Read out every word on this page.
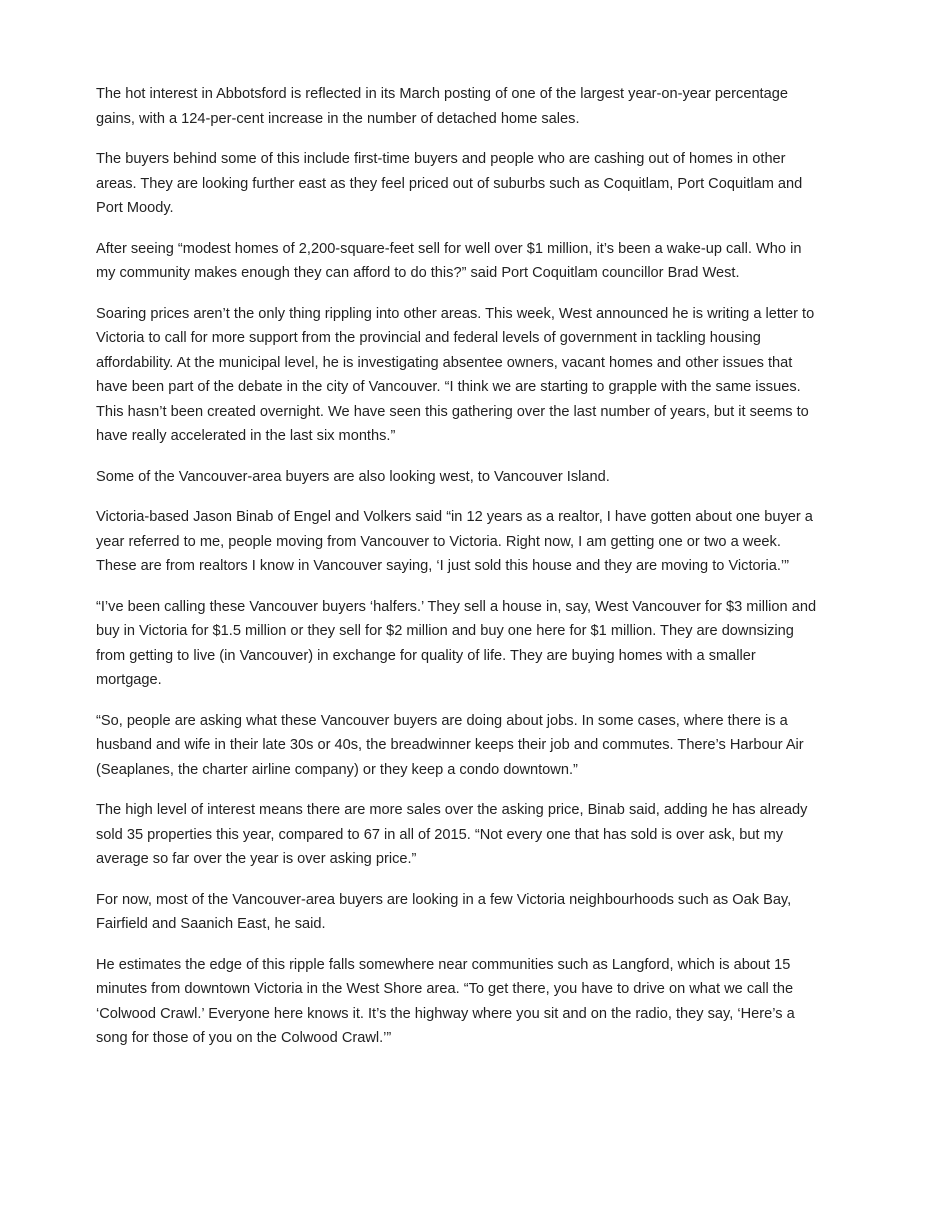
The hot interest in Abbotsford is reflected in its March posting of one of the largest year-on-year percentage gains, with a 124-per-cent increase in the number of detached home sales.

The buyers behind some of this include first-time buyers and people who are cashing out of homes in other areas. They are looking further east as they feel priced out of suburbs such as Coquitlam, Port Coquitlam and Port Moody.

After seeing “modest homes of 2,200-square-feet sell for well over $1 million, it’s been a wake-up call. Who in my community makes enough they can afford to do this?” said Port Coquitlam councillor Brad West.

Soaring prices aren’t the only thing rippling into other areas. This week, West announced he is writing a letter to Victoria to call for more support from the provincial and federal levels of government in tackling housing affordability. At the municipal level, he is investigating absentee owners, vacant homes and other issues that have been part of the debate in the city of Vancouver. “I think we are starting to grapple with the same issues. This hasn’t been created overnight. We have seen this gathering over the last number of years, but it seems to have really accelerated in the last six months.”

Some of the Vancouver-area buyers are also looking west, to Vancouver Island.

Victoria-based Jason Binab of Engel and Volkers said “in 12 years as a realtor, I have gotten about one buyer a year referred to me, people moving from Vancouver to Victoria. Right now, I am getting one or two a week. These are from realtors I know in Vancouver saying, ‘I just sold this house and they are moving to Victoria.’”

“I’ve been calling these Vancouver buyers ‘halfers.’ They sell a house in, say, West Vancouver for $3 million and buy in Victoria for $1.5 million or they sell for $2 million and buy one here for $1 million. They are downsizing from getting to live (in Vancouver) in exchange for quality of life. They are buying homes with a smaller mortgage.

“So, people are asking what these Vancouver buyers are doing about jobs. In some cases, where there is a husband and wife in their late 30s or 40s, the breadwinner keeps their job and commutes. There’s Harbour Air (Seaplanes, the charter airline company) or they keep a condo downtown.”

The high level of interest means there are more sales over the asking price, Binab said, adding he has already sold 35 properties this year, compared to 67 in all of 2015. “Not every one that has sold is over ask, but my average so far over the year is over asking price.”

For now, most of the Vancouver-area buyers are looking in a few Victoria neighbourhoods such as Oak Bay, Fairfield and Saanich East, he said.

He estimates the edge of this ripple falls somewhere near communities such as Langford, which is about 15 minutes from downtown Victoria in the West Shore area. “To get there, you have to drive on what we call the ‘Colwood Crawl.’ Everyone here knows it. It’s the highway where you sit and on the radio, they say, ‘Here’s a song for those of you on the Colwood Crawl.’”
